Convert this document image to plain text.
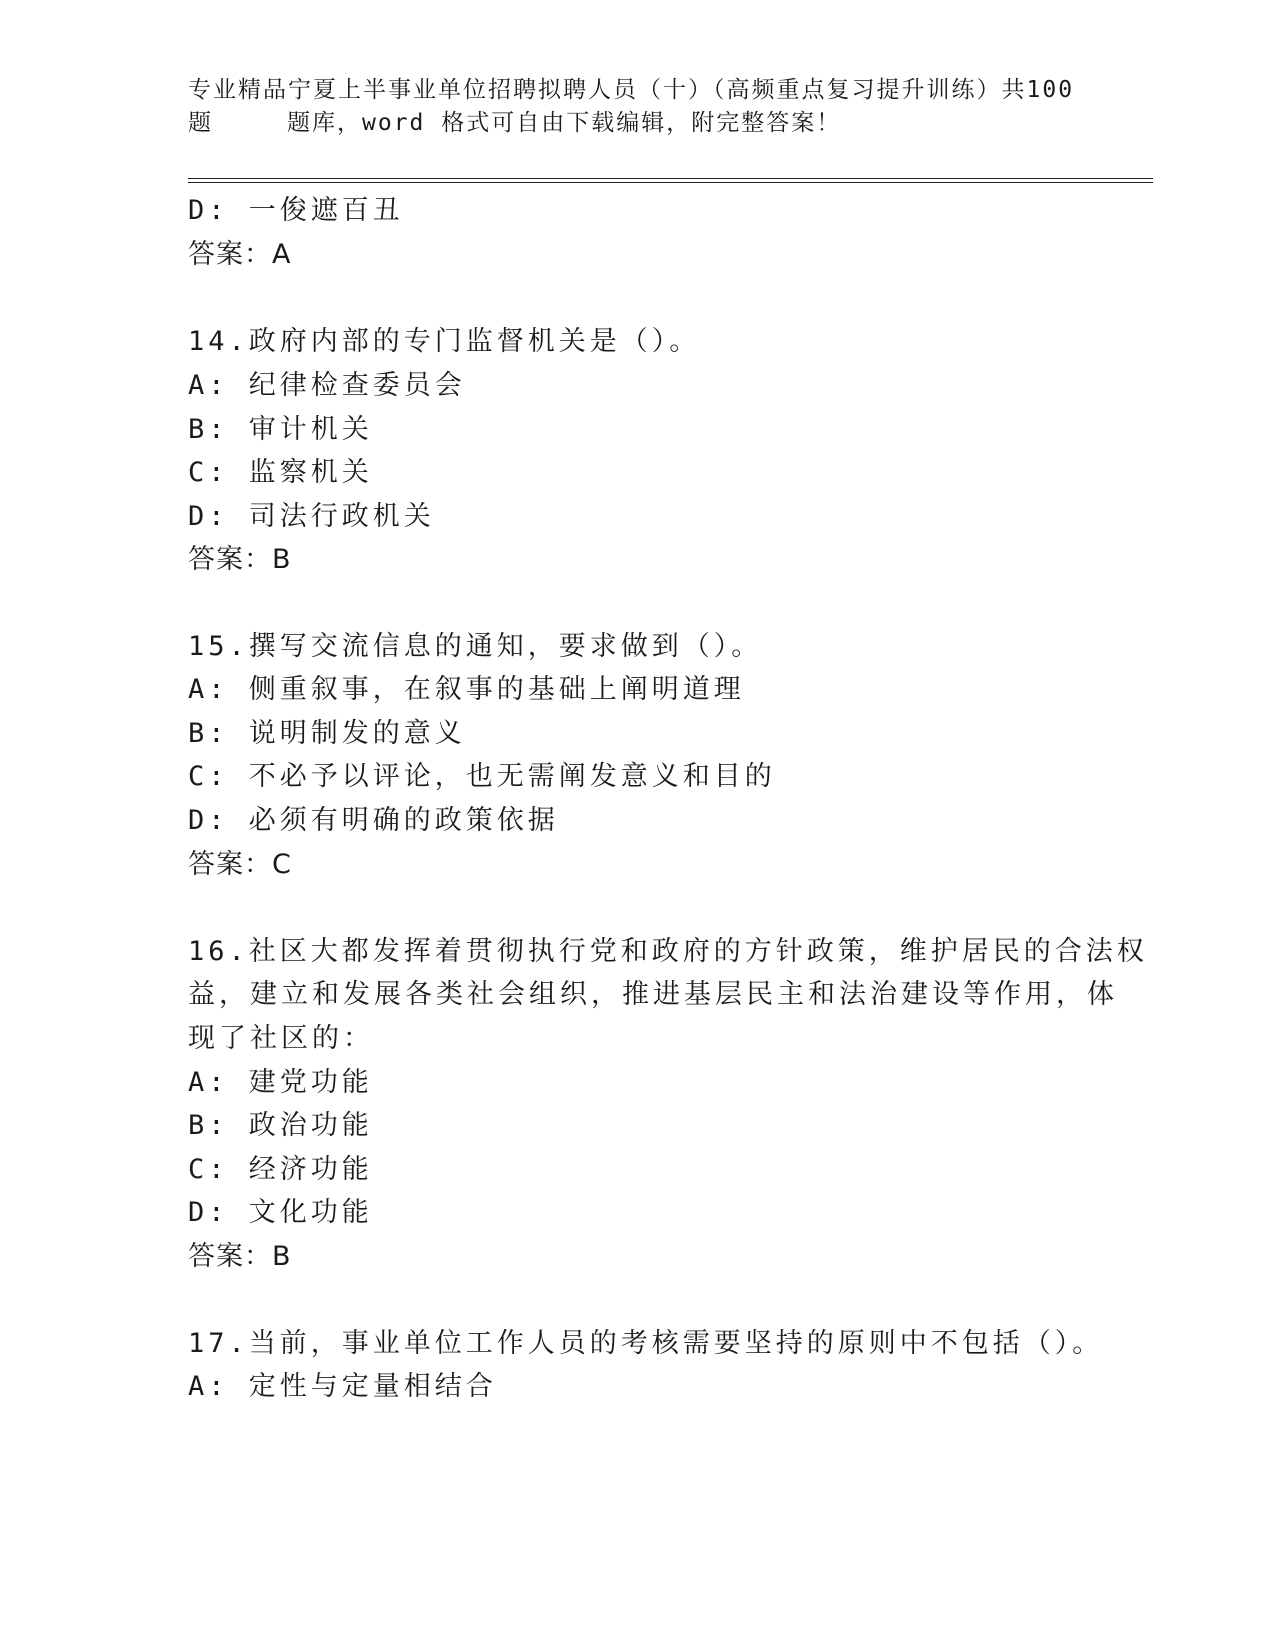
专业精品宁夏上半事业单位招聘拟聘人员（十）（高频重点复习提升训练）共100
题	题库，word 格式可自由下载编辑，附完整答案！
D: 一俊遮百丑
答案：A
14.政府内部的专门监督机关是（）。
A: 纪律检查委员会
B: 审计机关
C: 监察机关
D: 司法行政机关
答案：B
15.撰写交流信息的通知，要求做到（）。
A: 侧重叙事，在叙事的基础上阐明道理
B: 说明制发的意义
C: 不必予以评论，也无需阐发意义和目的
D: 必须有明确的政策依据
答案：C
16.社区大都发挥着贯彻执行党和政府的方针政策，维护居民的合法权
益，建立和发展各类社会组织，推进基层民主和法治建设等作用，体
现了社区的：
A: 建党功能
B: 政治功能
C: 经济功能
D: 文化功能
答案：B
17.当前，事业单位工作人员的考核需要坚持的原则中不包括（）。
A: 定性与定量相结合
